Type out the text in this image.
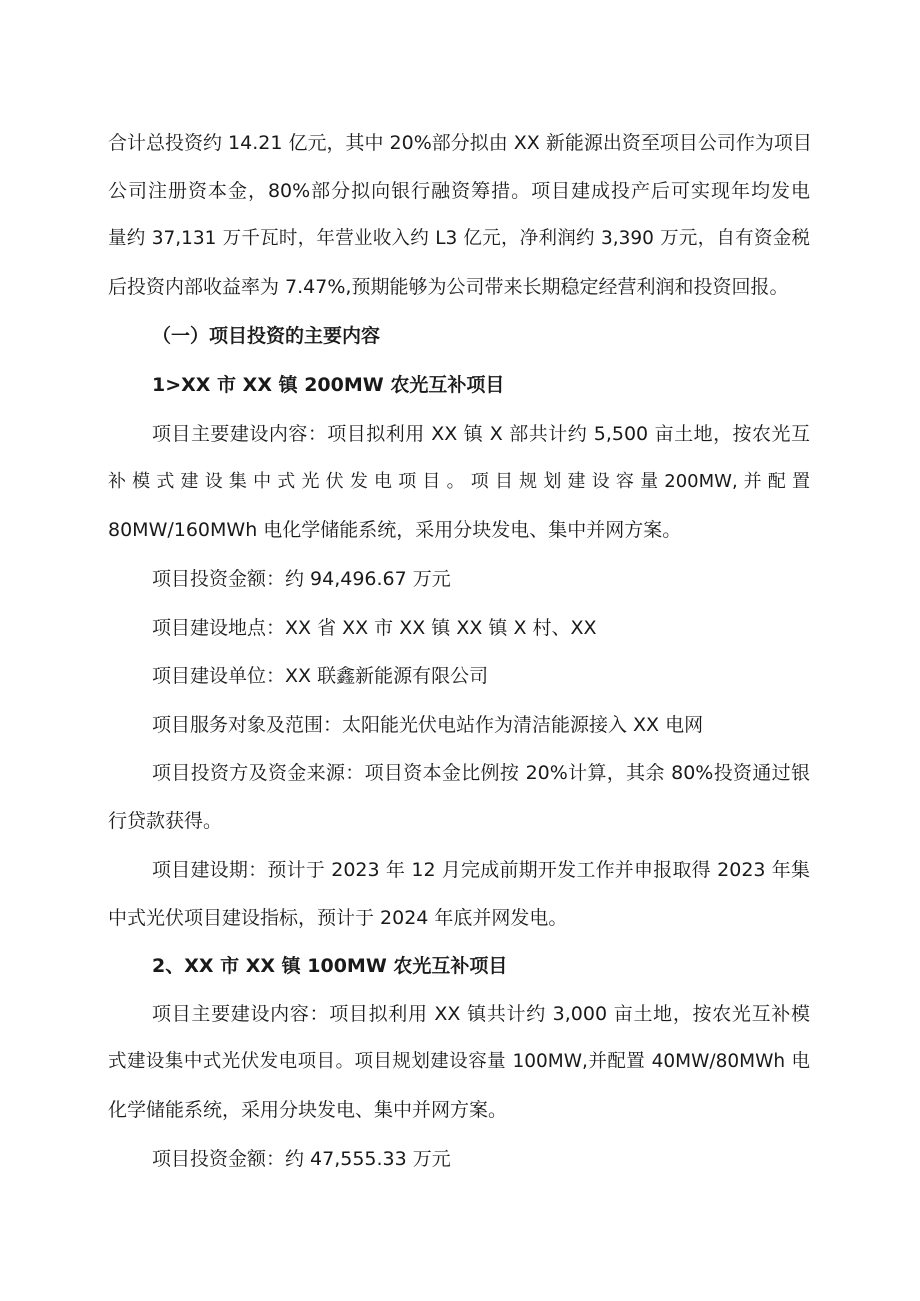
合计总投资约 14.21 亿元，其中 20%部分拟由 XX 新能源出资至项目公司作为项目
公司注册资本金，80%部分拟向银行融资筹措。项目建成投产后可实现年均发电
量约 37,131 万千瓦时，年营业收入约 L3 亿元，净利润约 3,390 万元，自有资金税
后投资内部收益率为 7.47%,预期能够为公司带来长期稳定经营利润和投资回报。
（一）项目投资的主要内容
1>XX 市 XX 镇 200MW 农光互补项目
项目主要建设内容：项目拟利用 XX 镇 X 部共计约 5,500 亩土地，按农光互
补 模 式 建 设 集 中 式 光 伏 发 电 项 目 。 项 目 规 划 建 设 容 量 200MW, 并 配 置
80MW∕160MWh 电化学储能系统，采用分块发电、集中并网方案。
项目投资金额：约 94,496.67 万元
项目建设地点：XX 省 XX 市 XX 镇 XX 镇 X 村、XX
项目建设单位：XX 联鑫新能源有限公司
项目服务对象及范围：太阳能光伏电站作为清洁能源接入 XX 电网
项目投资方及资金来源：项目资本金比例按 20%计算，其余 80%投资通过银
行贷款获得。
项目建设期：预计于 2023 年 12 月完成前期开发工作并申报取得 2023 年集
中式光伏项目建设指标，预计于 2024 年底并网发电。
2、XX 市 XX 镇 100MW 农光互补项目
项目主要建设内容：项目拟利用 XX 镇共计约 3,000 亩土地，按农光互补模
式建设集中式光伏发电项目。项目规划建设容量 100MW,并配置 40MW∕80MWh 电
化学储能系统，采用分块发电、集中并网方案。
项目投资金额：约 47,555.33 万元
